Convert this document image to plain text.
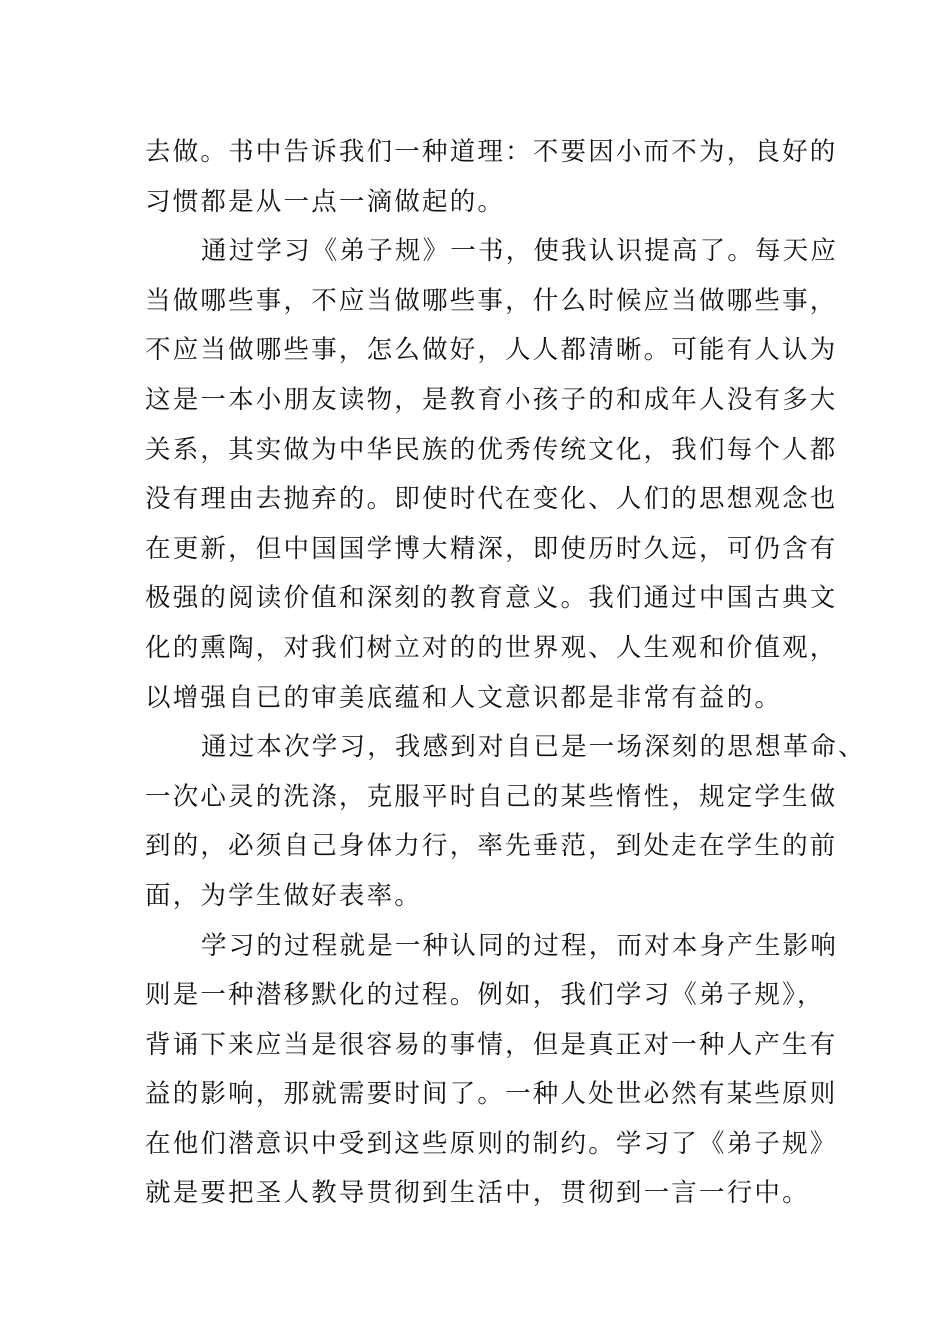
去做。书中告诉我们一种道理：不要因小而不为，良好的
习惯都是从一点一滴做起的。
通过学习《弟子规》一书，使我认识提高了。每天应
当做哪些事，不应当做哪些事，什么时候应当做哪些事，
不应当做哪些事，怎么做好，人人都清晰。可能有人认为
这是一本小朋友读物，是教育小孩子的和成年人没有多大
关系，其实做为中华民族的优秀传统文化，我们每个人都
没有理由去抛弃的。即使时代在变化、人们的思想观念也
在更新，但中国国学博大精深，即使历时久远，可仍含有
极强的阅读价值和深刻的教育意义。我们通过中国古典文
化的熏陶，对我们树立对的的世界观、人生观和价值观，
以增强自已的审美底蕴和人文意识都是非常有益的。
通过本次学习，我感到对自已是一场深刻的思想革命、
一次心灵的洗涤，克服平时自己的某些惰性，规定学生做
到的，必须自己身体力行，率先垂范，到处走在学生的前
面，为学生做好表率。
学习的过程就是一种认同的过程，而对本身产生影响
则是一种潜移默化的过程。例如，我们学习《弟子规》，
背诵下来应当是很容易的事情，但是真正对一种人产生有
益的影响，那就需要时间了。一种人处世必然有某些原则
在他们潜意识中受到这些原则的制约。学习了《弟子规》
就是要把圣人教导贯彻到生活中，贯彻到一言一行中。
